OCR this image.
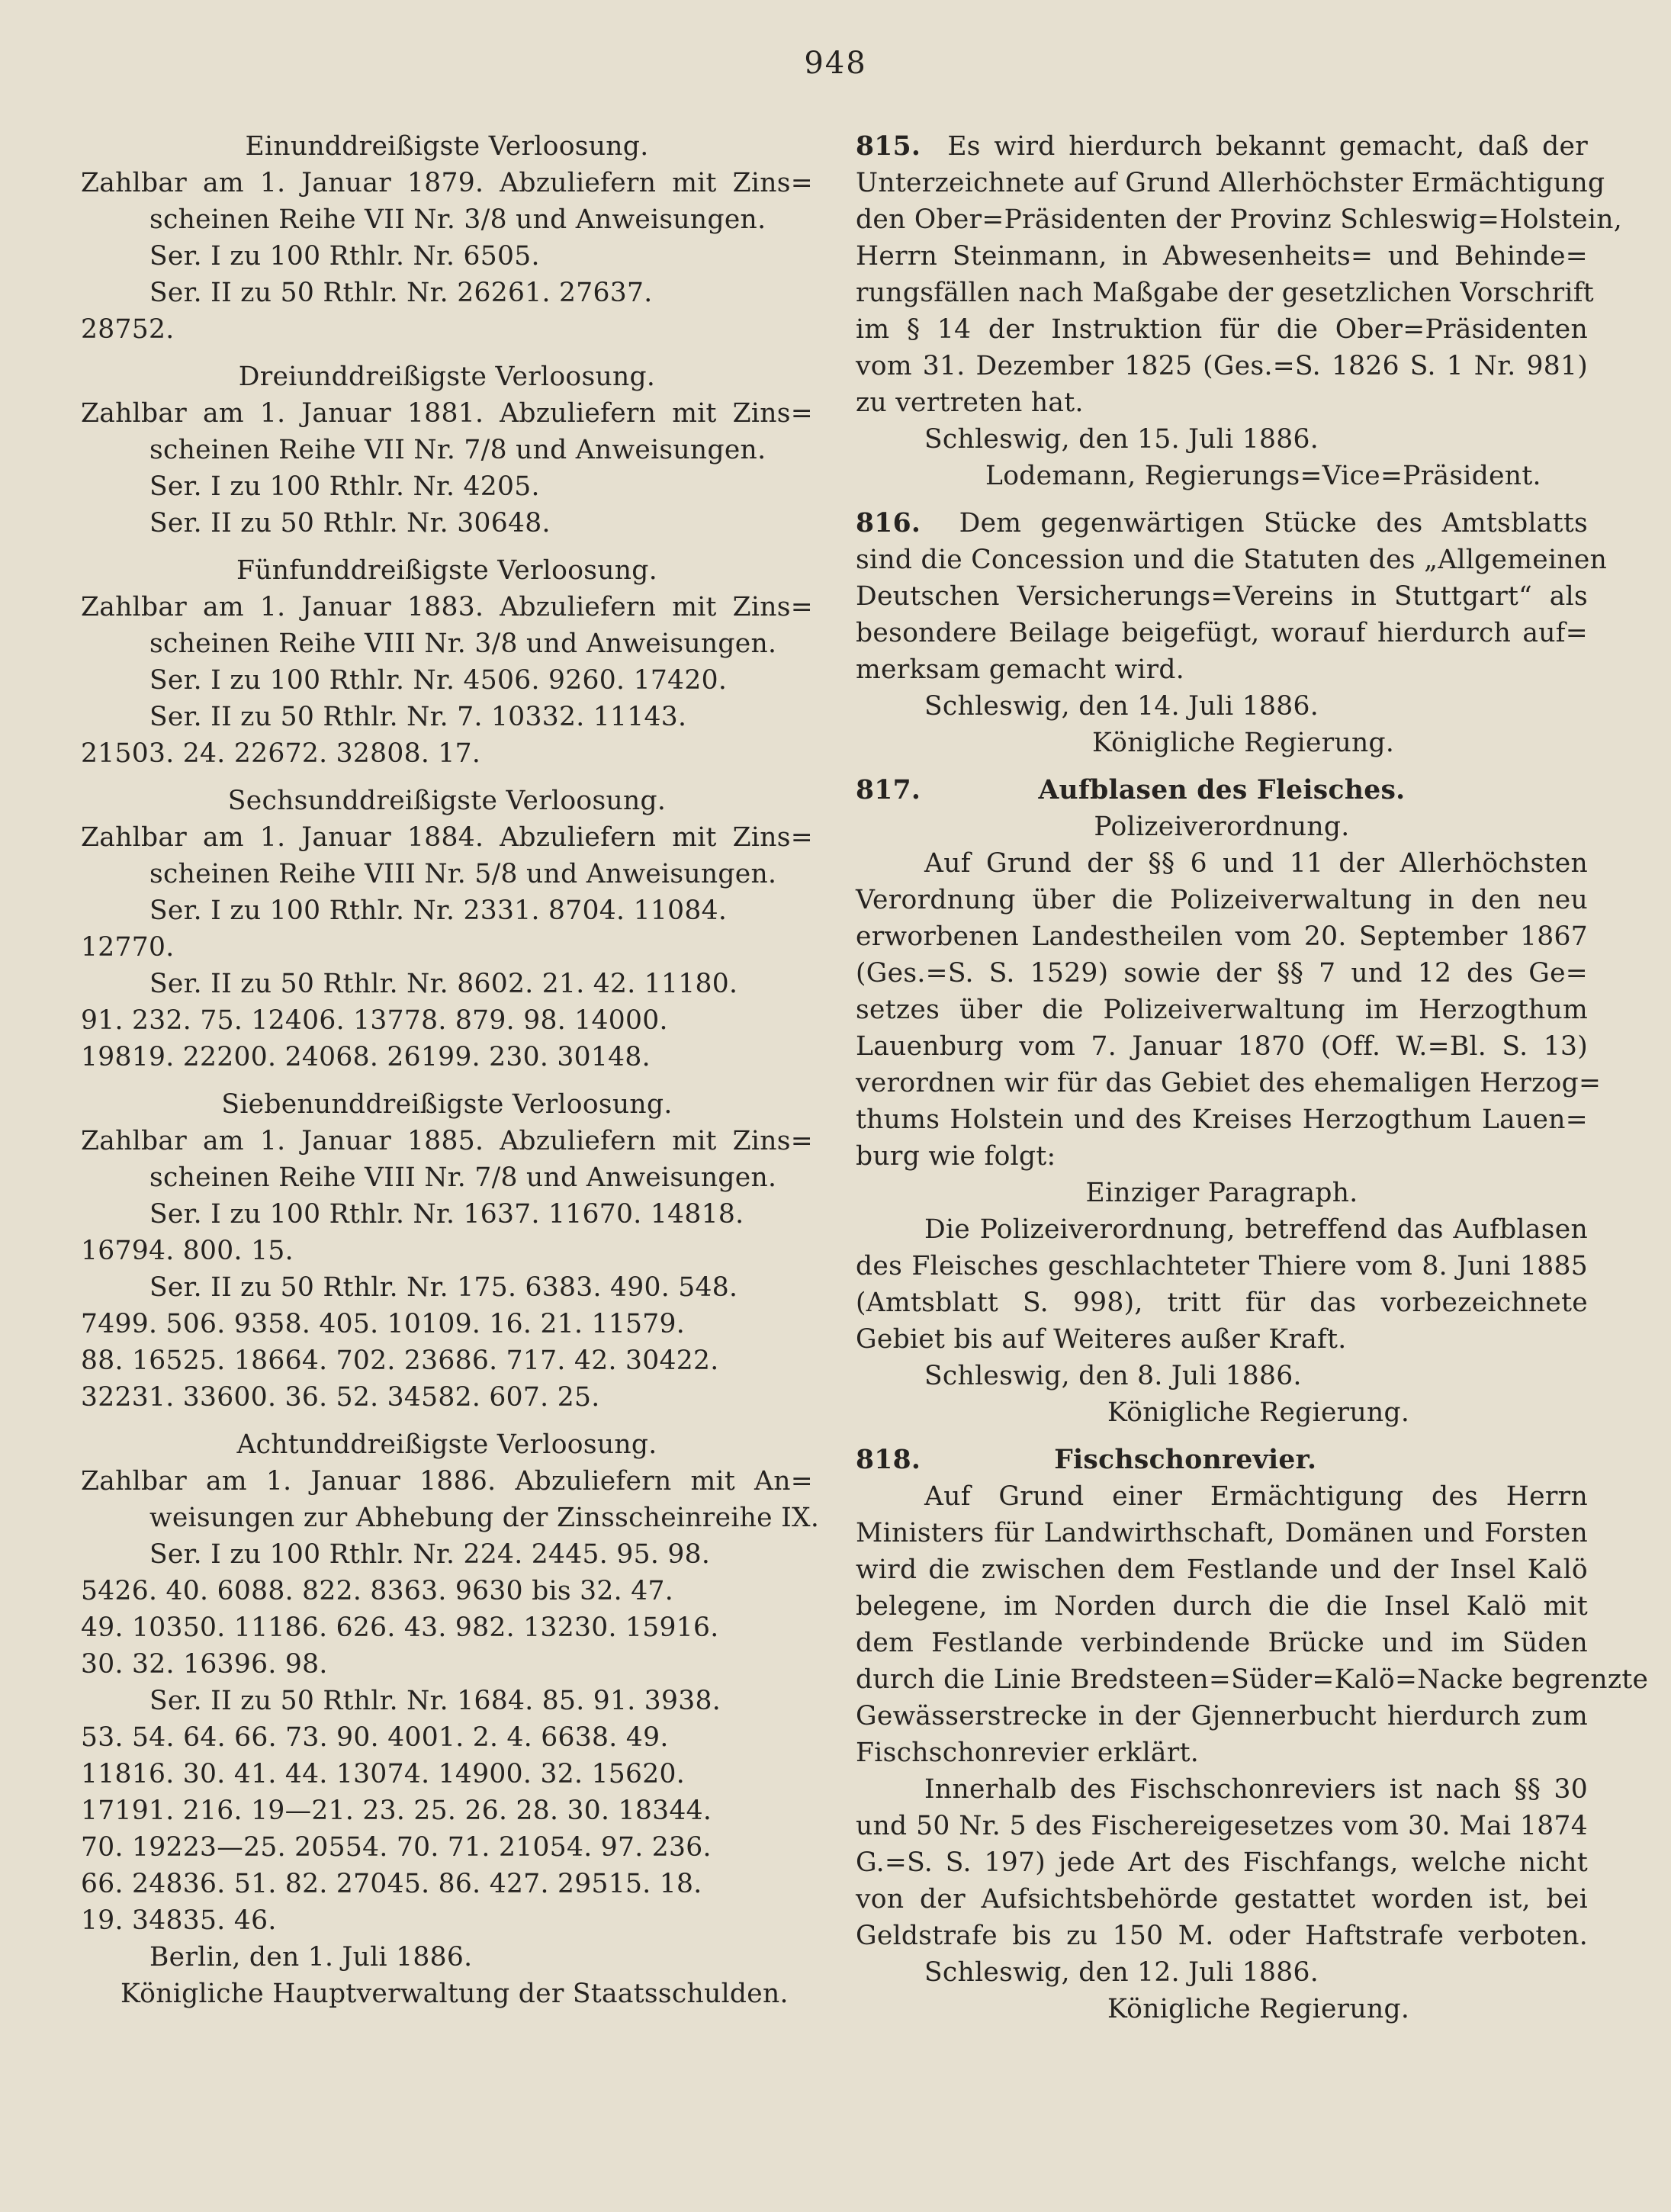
948

Einunddreißigste Verloosung.

Zahlbar am 1. Januar 1879. Abzuliefern mit Zins=

scheinen Reihe VII Nr. 3/8 und Anweisungen.

Ser. I zu 100 Rthlr. Nr. 6505.

Ser. II zu 50 Rthlr. Nr. 26261. 27637.

28752.

Dreiunddreißigste Verloosung.

Zahlbar am 1. Januar 1881. Abzuliefern mit Zins=

scheinen Reihe VII Nr. 7/8 und Anweisungen.

Ser. I zu 100 Rthlr. Nr. 4205.

Ser. II zu 50 Rthlr. Nr. 30648.

Fünfunddreißigste Verloosung.

Zahlbar am 1. Januar 1883. Abzuliefern mit Zins=

scheinen Reihe VIII Nr. 3/8 und Anweisungen.

Ser. I zu 100 Rthlr. Nr. 4506. 9260. 17420.

Ser. II zu 50 Rthlr. Nr. 7. 10332. 11143.

21503. 24. 22672. 32808. 17.

Sechsunddreißigste Verloosung.

Zahlbar am 1. Januar 1884. Abzuliefern mit Zins=

scheinen Reihe VIII Nr. 5/8 und Anweisungen.

Ser. I zu 100 Rthlr. Nr. 2331. 8704. 11084.

12770.

Ser. II zu 50 Rthlr. Nr. 8602. 21. 42. 11180.

91. 232. 75. 12406. 13778. 879. 98. 14000.

19819. 22200. 24068. 26199. 230. 30148.

Siebenunddreißigste Verloosung.

Zahlbar am 1. Januar 1885. Abzuliefern mit Zins=

scheinen Reihe VIII Nr. 7/8 und Anweisungen.

Ser. I zu 100 Rthlr. Nr. 1637. 11670. 14818.

16794. 800. 15.

Ser. II zu 50 Rthlr. Nr. 175. 6383. 490. 548.

7499. 506. 9358. 405. 10109. 16. 21. 11579.

88. 16525. 18664. 702. 23686. 717. 42. 30422.

32231. 33600. 36. 52. 34582. 607. 25.

Achtunddreißigste Verloosung.

Zahlbar am 1. Januar 1886. Abzuliefern mit An=

weisungen zur Abhebung der Zinsscheinreihe IX.

Ser. I zu 100 Rthlr. Nr. 224. 2445. 95. 98.

5426. 40. 6088. 822. 8363. 9630 bis 32. 47.

49. 10350. 11186. 626. 43. 982. 13230. 15916.

30. 32. 16396. 98.

Ser. II zu 50 Rthlr. Nr. 1684. 85. 91. 3938.

53. 54. 64. 66. 73. 90. 4001. 2. 4. 6638. 49.

11816. 30. 41. 44. 13074. 14900. 32. 15620.

17191. 216. 19—21. 23. 25. 26. 28. 30. 18344.

70. 19223—25. 20554. 70. 71. 21054. 97. 236.

66. 24836. 51. 82. 27045. 86. 427. 29515. 18.

19. 34835. 46.

Berlin, den 1. Juli 1886.

Königliche Hauptverwaltung der Staatsschulden.

815. Es wird hierdurch bekannt gemacht, daß der

Unterzeichnete auf Grund Allerhöchster Ermächtigung

den Ober=Präsidenten der Provinz Schleswig=Holstein,

Herrn Steinmann, in Abwesenheits= und Behinde=

rungsfällen nach Maßgabe der gesetzlichen Vorschrift

im § 14 der Instruktion für die Ober=Präsidenten

vom 31. Dezember 1825 (Ges.=S. 1826 S. 1 Nr. 981)

zu vertreten hat.

Schleswig, den 15. Juli 1886.

Lodemann, Regierungs=Vice=Präsident.

816. Dem gegenwärtigen Stücke des Amtsblatts

sind die Concession und die Statuten des „Allgemeinen

Deutschen Versicherungs=Vereins in Stuttgart“ als

besondere Beilage beigefügt, worauf hierdurch auf=

merksam gemacht wird.

Schleswig, den 14. Juli 1886.

Königliche Regierung.

817.	Aufblasen des Fleisches.

Polizeiverordnung.

Auf Grund der §§ 6 und 11 der Allerhöchsten

Verordnung über die Polizeiverwaltung in den neu

erworbenen Landestheilen vom 20. September 1867

(Ges.=S. S. 1529) sowie der §§ 7 und 12 des Ge=

setzes über die Polizeiverwaltung im Herzogthum

Lauenburg vom 7. Januar 1870 (Off. W.=Bl. S. 13)

verordnen wir für das Gebiet des ehemaligen Herzog=

thums Holstein und des Kreises Herzogthum Lauen=

burg wie folgt:

Einziger Paragraph.

Die Polizeiverordnung, betreffend das Aufblasen

des Fleisches geschlachteter Thiere vom 8. Juni 1885

(Amtsblatt S. 998), tritt für das vorbezeichnete

Gebiet bis auf Weiteres außer Kraft.

Schleswig, den 8. Juli 1886.

Königliche Regierung.

818.	Fischschonrevier.

Auf Grund einer Ermächtigung des Herrn

Ministers für Landwirthschaft, Domänen und Forsten

wird die zwischen dem Festlande und der Insel Kalö

belegene, im Norden durch die die Insel Kalö mit

dem Festlande verbindende Brücke und im Süden

durch die Linie Bredsteen=Süder=Kalö=Nacke begrenzte

Gewässerstrecke in der Gjennerbucht hierdurch zum

Fischschonrevier erklärt.

Innerhalb des Fischschonreviers ist nach §§ 30

und 50 Nr. 5 des Fischereigesetzes vom 30. Mai 1874

G.=S. S. 197) jede Art des Fischfangs, welche nicht

von der Aufsichtsbehörde gestattet worden ist, bei

Geldstrafe bis zu 150 M. oder Haftstrafe verboten.

Schleswig, den 12. Juli 1886.

Königliche Regierung.
